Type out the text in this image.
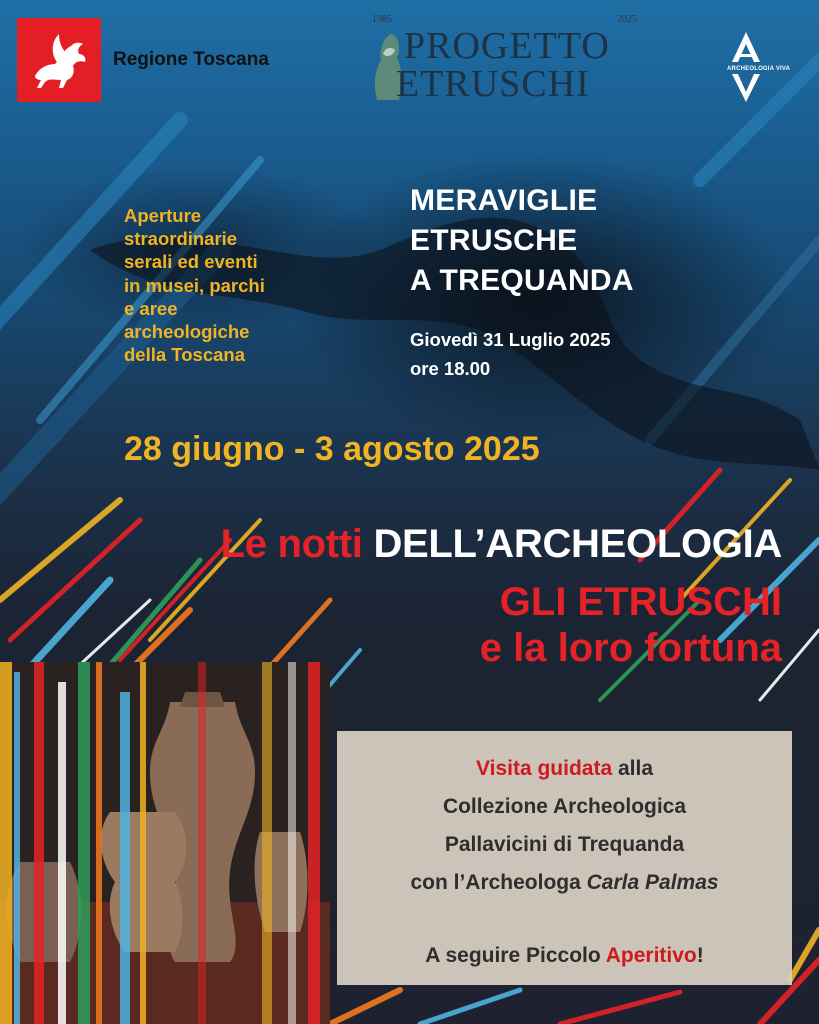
Regione Toscana
1985	2025
PROGETTO
ETRUSCHI	ARCHEOLOGIA VIVA
Aperture
straordinarie
serali ed eventi
in musei, parchi
e aree
archeologiche
della Toscana
MERAVIGLIE
ETRUSCHE
A TREQUANDA
Giovedì 31 Luglio 2025
ore 18.00
28 giugno - 3 agosto 2025
Le notti DELL’ARCHEOLOGIA
GLI ETRUSCHI
e la loro fortuna

Visita guidata alla

Collezione Archeologica

Pallavicini di Trequanda

con l’Archeologa Carla Palmas

A seguire Piccolo Aperitivo!
